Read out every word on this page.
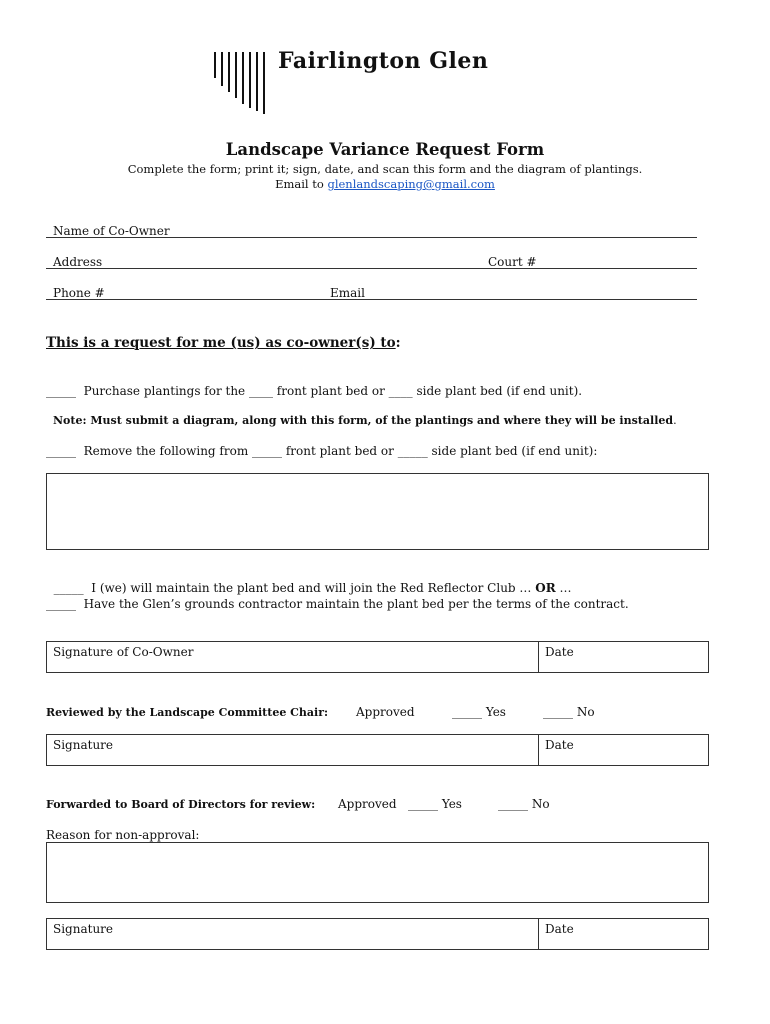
Fairlington Glen
Landscape Variance Request Form
Complete the form; print it; sign, date, and scan this form and the diagram of plantings.
Email to glenlandscaping@gmail.com
Name of Co-Owner
Address	Court #
Phone #	Email
This is a request for me (us) as co-owner(s) to:
_____  Purchase plantings for the ____ front plant bed or ____ side plant bed (if end unit).
Note: Must submit a diagram, along with this form, of the plantings and where they will be installed.
_____  Remove the following from _____ front plant bed or _____ side plant bed (if end unit):

_____  I (we) will maintain the plant bed and will join the Red Reflector Club … OR …

_____  Have the Glen’s grounds contractor maintain the plant bed per the terms of the contract.
Signature of Co-Owner	Date
Reviewed by the Landscape Committee Chair: Approved	_____ Yes	_____ No
Signature	Date
Forwarded to Board of Directors for review: Approved _____ Yes	_____ No
Reason for non-approval:
Signature	Date
